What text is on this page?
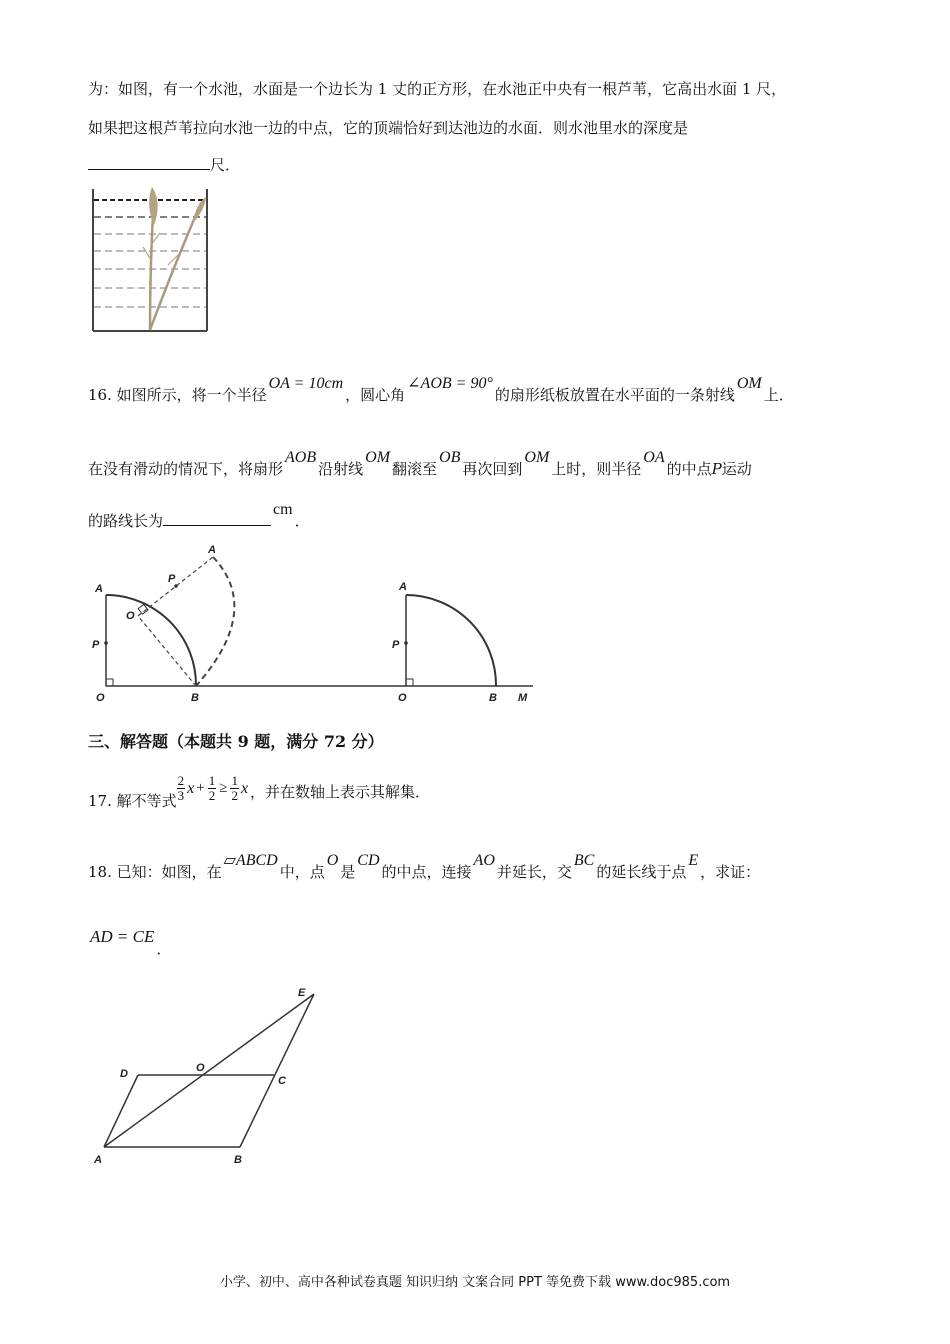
为：如图，有一个水池，水面是一个边长为 1 丈的正方形，在水池正中央有一根芦苇，它高出水面 1 尺，
如果把这根芦苇拉向水池一边的中点，它的顶端恰好到达池边的水面．则水池里水的深度是
尺．
16. 如图所示，将一个半径OA = 10cm，圆心角∠AOB = 90°的扇形纸板放置在水平面的一条射线OM上．
在没有滑动的情况下，将扇形AOB沿射线OM翻滚至OB再次回到OM上时，则半径OA的中点P运动
的路线长为cm．
A
O
P
A
P
O	B
A
P
O	B M
三、解答题（本题共 9 题，满分 72 分）
17. 解不等式 $\frac{2}{3}$ $x + \frac{1}{2} \ge \frac{1}{2}$ x ，并在数轴上表示其解集．
18. 已知：如图，在▱ABCD中，点O是CD的中点，连接AO并延长，交BC的延长线于点E，求证：
AD = CE．
A	B
C
D	O
E
小学、初中、高中各种试卷真题 知识归纳 文案合同 PPT 等免费下载 www.doc985.com
